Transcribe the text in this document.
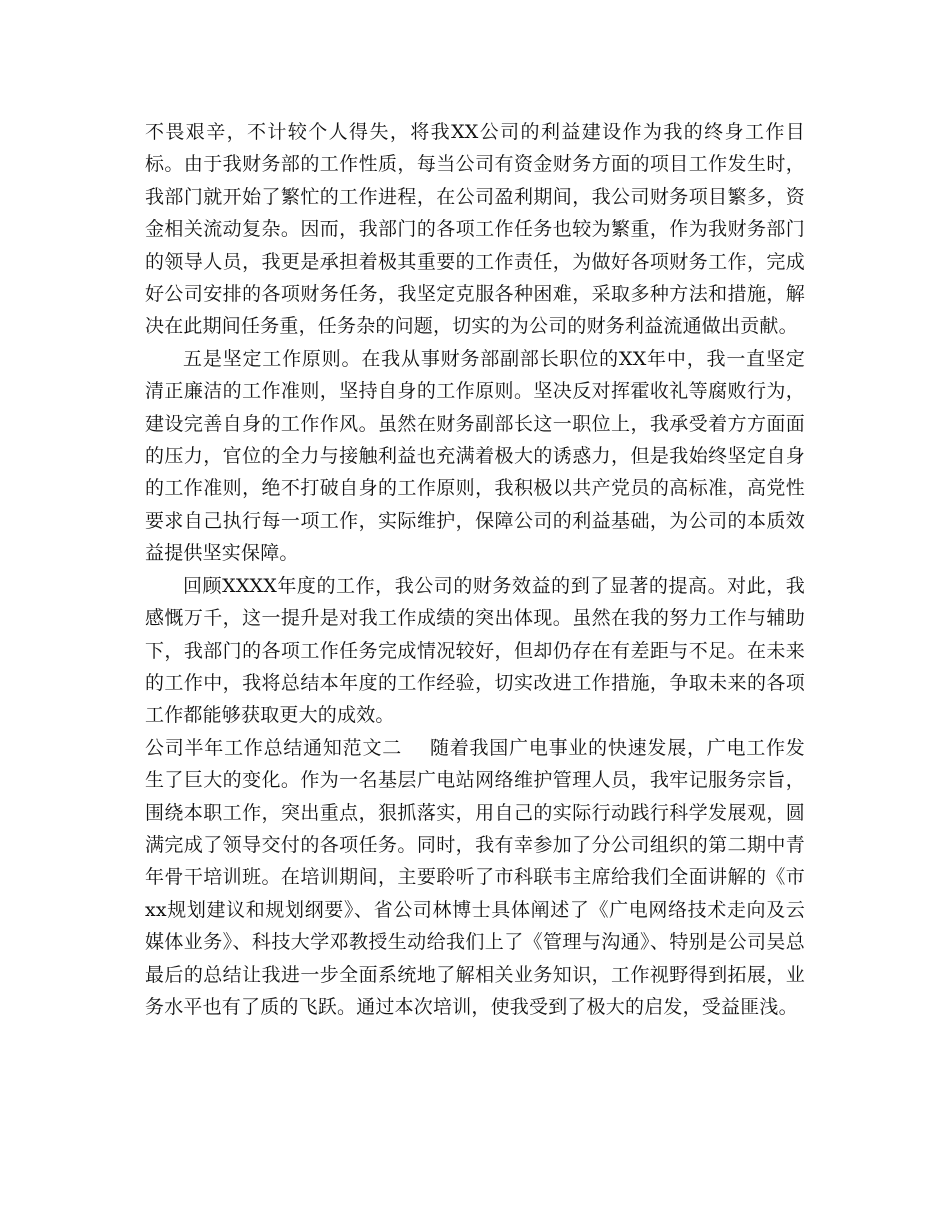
不畏艰辛，不计较个人得失，将我XX公司的利益建设作为我的终身工作目标。由于我财务部的工作性质，每当公司有资金财务方面的项目工作发生时，我部门就开始了繁忙的工作进程，在公司盈利期间，我公司财务项目繁多，资金相关流动复杂。因而，我部门的各项工作任务也较为繁重，作为我财务部门的领导人员，我更是承担着极其重要的工作责任，为做好各项财务工作，完成好公司安排的各项财务任务，我坚定克服各种困难，采取多种方法和措施，解决在此期间任务重，任务杂的问题，切实的为公司的财务利益流通做出贡献。

五是坚定工作原则。在我从事财务部副部长职位的XX年中，我一直坚定清正廉洁的工作准则，坚持自身的工作原则。坚决反对挥霍收礼等腐败行为，建设完善自身的工作作风。虽然在财务副部长这一职位上，我承受着方方面面的压力，官位的全力与接触利益也充满着极大的诱惑力，但是我始终坚定自身的工作准则，绝不打破自身的工作原则，我积极以共产党员的高标准，高党性要求自己执行每一项工作，实际维护，保障公司的利益基础，为公司的本质效益提供坚实保障。

回顾XXXX年度的工作，我公司的财务效益的到了显著的提高。对此，我感慨万千，这一提升是对我工作成绩的突出体现。虽然在我的努力工作与辅助下，我部门的各项工作任务完成情况较好，但却仍存在有差距与不足。在未来的工作中，我将总结本年度的工作经验，切实改进工作措施，争取未来的各项工作都能够获取更大的成效。

公司半年工作总结通知范文二 随着我国广电事业的快速发展，广电工作发生了巨大的变化。作为一名基层广电站网络维护管理人员，我牢记服务宗旨，围绕本职工作，突出重点，狠抓落实，用自己的实际行动践行科学发展观，圆满完成了领导交付的各项任务。同时，我有幸参加了分公司组织的第二期中青年骨干培训班。在培训期间，主要聆听了市科联韦主席给我们全面讲解的《市xx规划建议和规划纲要》、省公司林博士具体阐述了《广电网络技术走向及云媒体业务》、科技大学邓教授生动给我们上了《管理与沟通》、特别是公司吴总最后的总结让我进一步全面系统地了解相关业务知识，工作视野得到拓展，业务水平也有了质的飞跃。通过本次培训，使我受到了极大的启发，受益匪浅。
